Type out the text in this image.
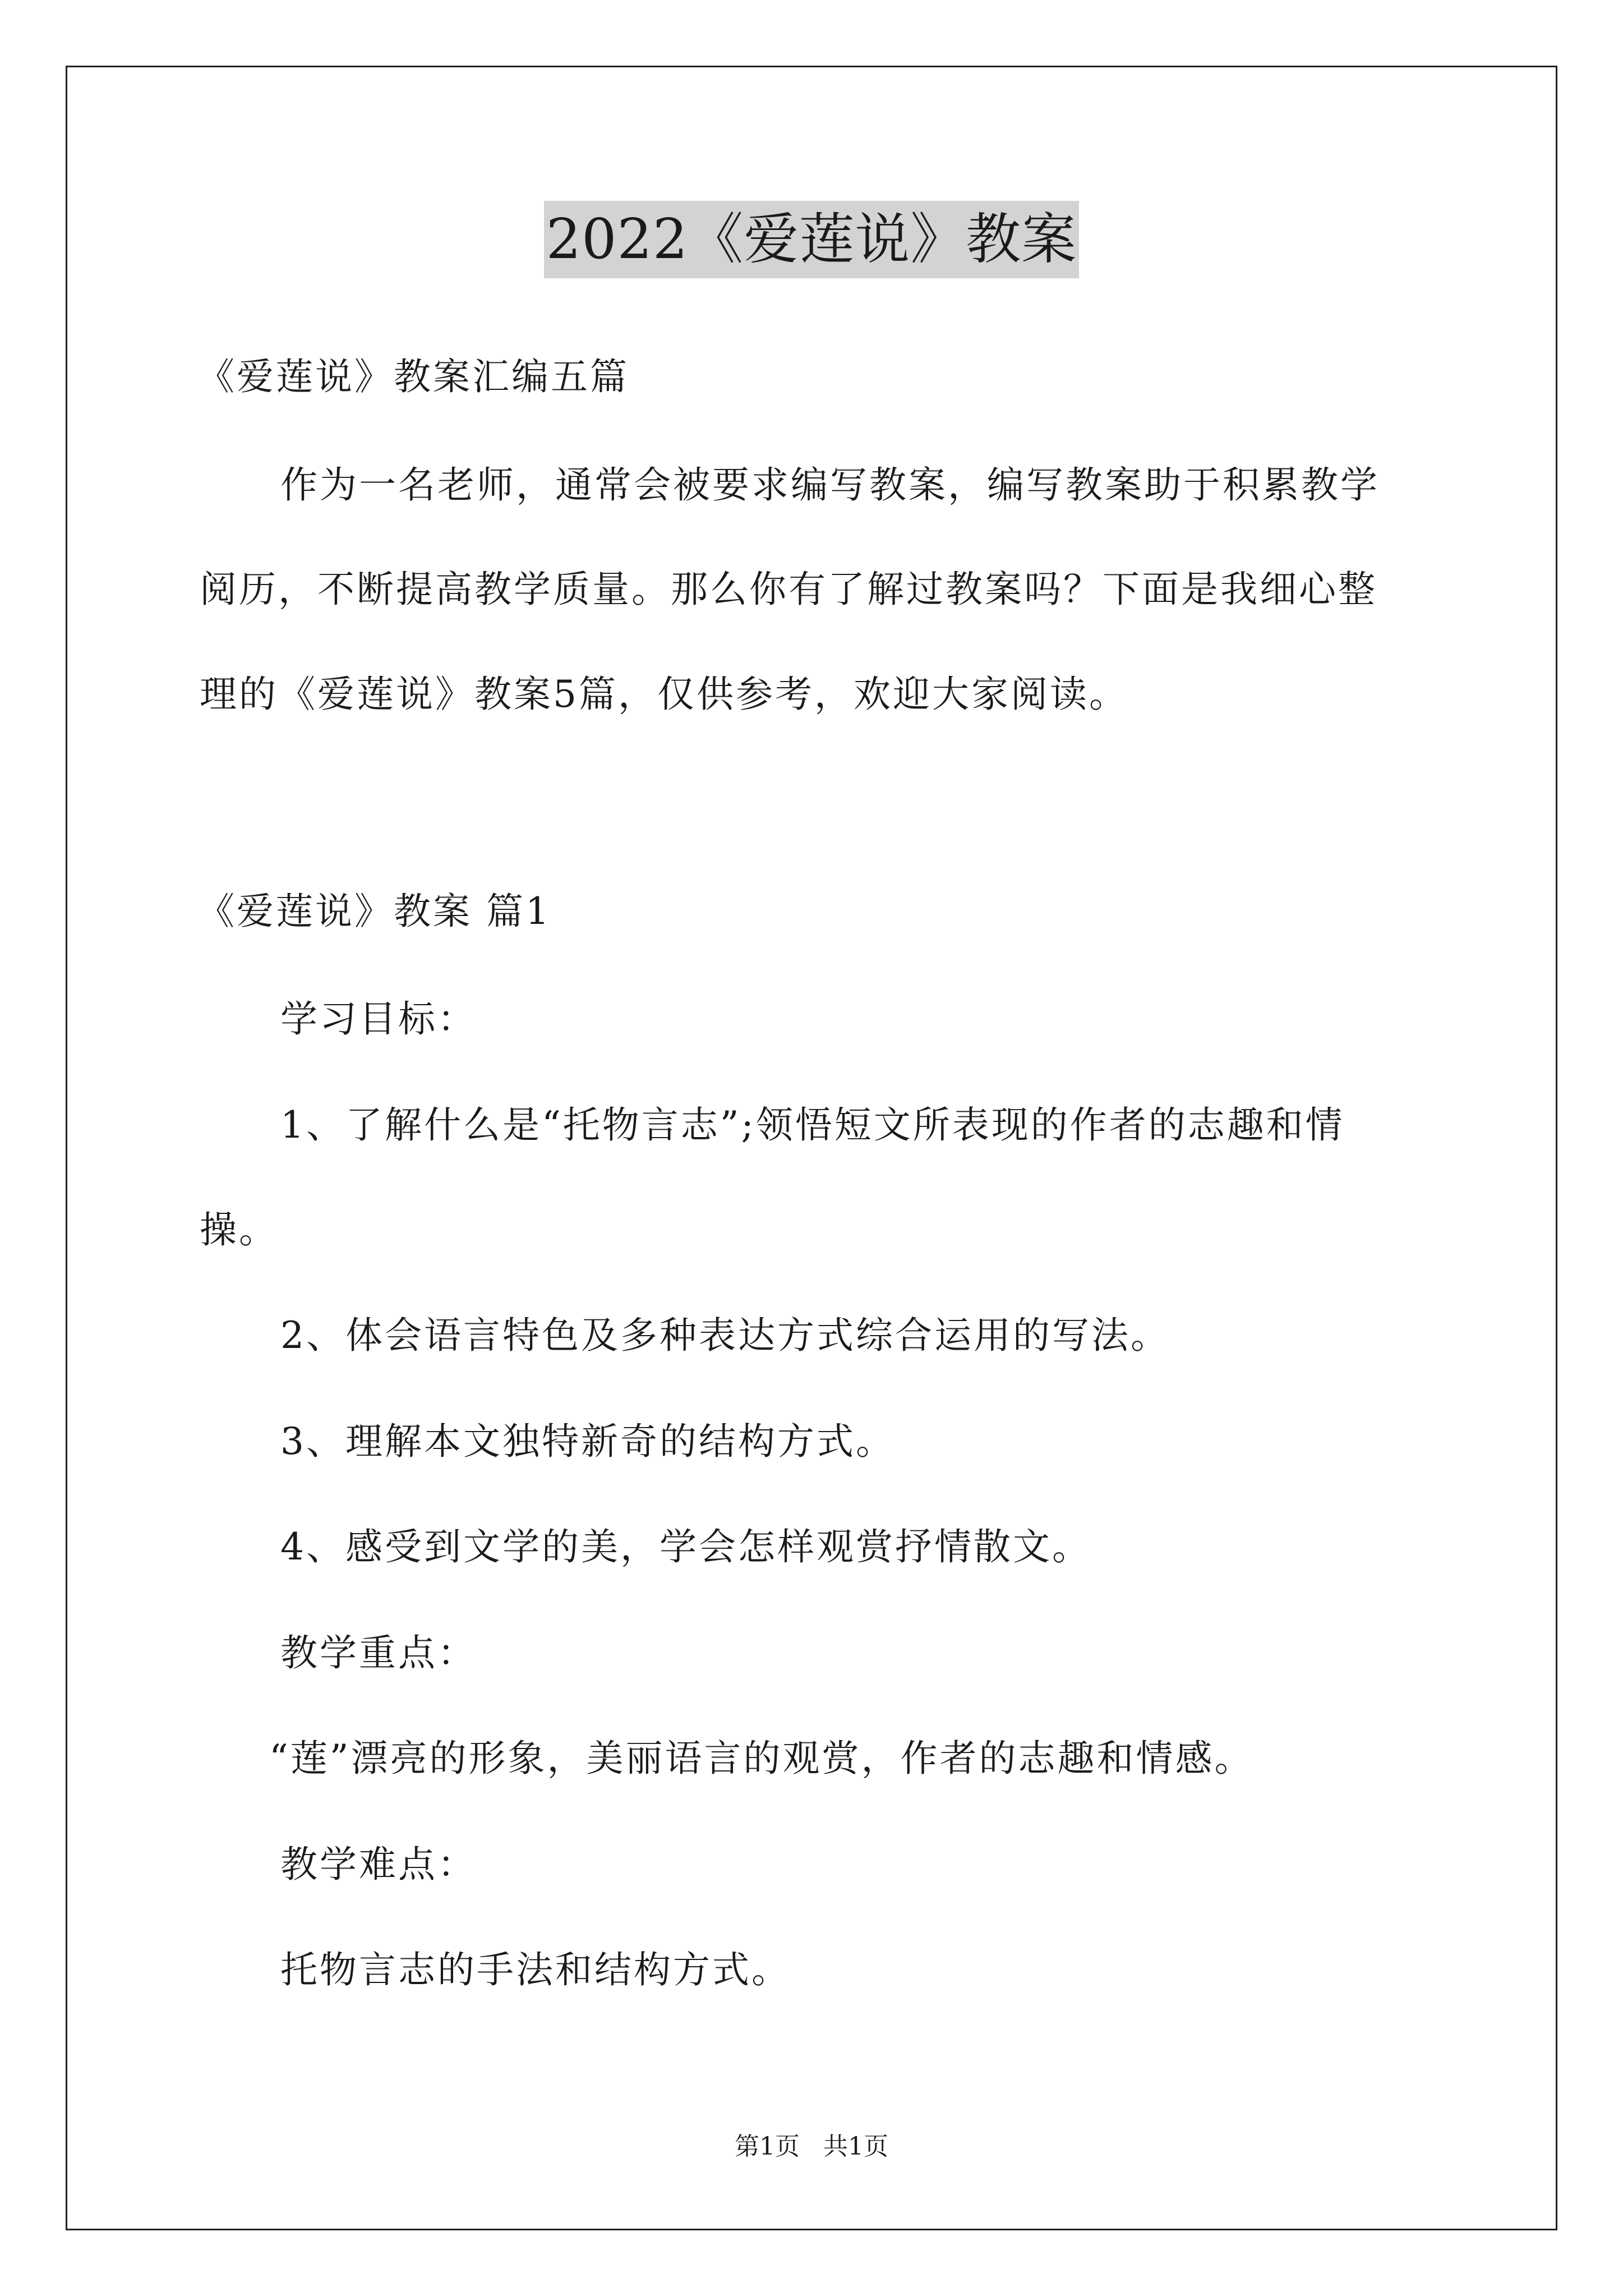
2022《爱莲说》教案
《爱莲说》教案汇编五篇
作为一名老师，通常会被要求编写教案，编写教案助于积累教学
阅历，不断提高教学质量。那么你有了解过教案吗？下面是我细心整
理的《爱莲说》教案5篇，仅供参考，欢迎大家阅读。
《爱莲说》教案 篇1
学习目标：
1、了解什么是“托物言志”;领悟短文所表现的作者的志趣和情
操。
2、体会语言特色及多种表达方式综合运用的写法。
3、理解本文独特新奇的结构方式。
4、感受到文学的美，学会怎样观赏抒情散文。
教学重点：
“莲”漂亮的形象，美丽语言的观赏，作者的志趣和情感。
教学难点：
托物言志的手法和结构方式。
第1页   共1页
